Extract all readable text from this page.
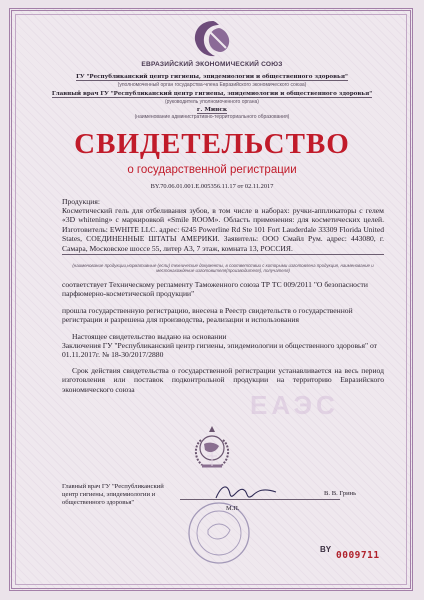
ЕВРАЗИЙСКИЙ ЭКОНОМИЧЕСКИЙ СОЮЗ
ГУ "Республиканский центр гигиены, эпидемиологии и общественного здоровья"
(уполномоченный орган государства-члена Евразийского экономического союза)
Главный врач ГУ "Республиканский центр гигиены, эпидемиологии и общественного здоровья"
(руководитель уполномоченного органа)
г. Минск
(наименование административно-территориального образования)
СВИДЕТЕЛЬСТВО
о государственной регистрации
BY.70.06.01.001.E.005356.11.17 от 02.11.2017
Продукция:
Косметический гель для отбеливания зубов, в том числе в наборах: ручки-аппликаторы с гелем «3D whitening» с маркировкой «Smile ROOM». Область применения: для косметических целей. Изготовитель: EWHITE LLC. адрес: 6245 Powerline Rd Ste 101 Fort Lauderdale 33309 Florida United States, СОЕДИНЕННЫЕ ШТАТЫ АМЕРИКИ. Заявитель: ООО Смайл Рум. адрес: 443080, г. Самара, Московское шоссе 55, литер А3, 7 этаж, комната 13, РОССИЯ.
(наименование продукции,нормативные (если) технические документы, в соответствии с которыми изготовлена продукция, наименование и местонахождение изготовителя(производителя), получателя)
соответствует Техническому регламенту Таможенного союза ТР ТС 009/2011 "О безопасности парфюмерно-косметической продукции"
прошла государственную регистрацию, внесена в Реестр свидетельств о государственной регистрации и разрешена для производства, реализации и использования
Настоящее свидетельство выдано на основании
Заключения ГУ "Республиканский центр гигиены, эпидемиологии и общественного здоровья" от 01.11.2017г. № 18-30/2017/2880
Срок действия свидетельства о государственной регистрации устанавливается на весь период изготовления или поставок подконтрольной продукции на территорию Евразийского экономического союза
ЕАЭС
Главный врач ГУ "Республиканский центр гигиены, эпидемиологии и общественного здоровья"
В. В. Гринь
М.П.
BY
0009711
